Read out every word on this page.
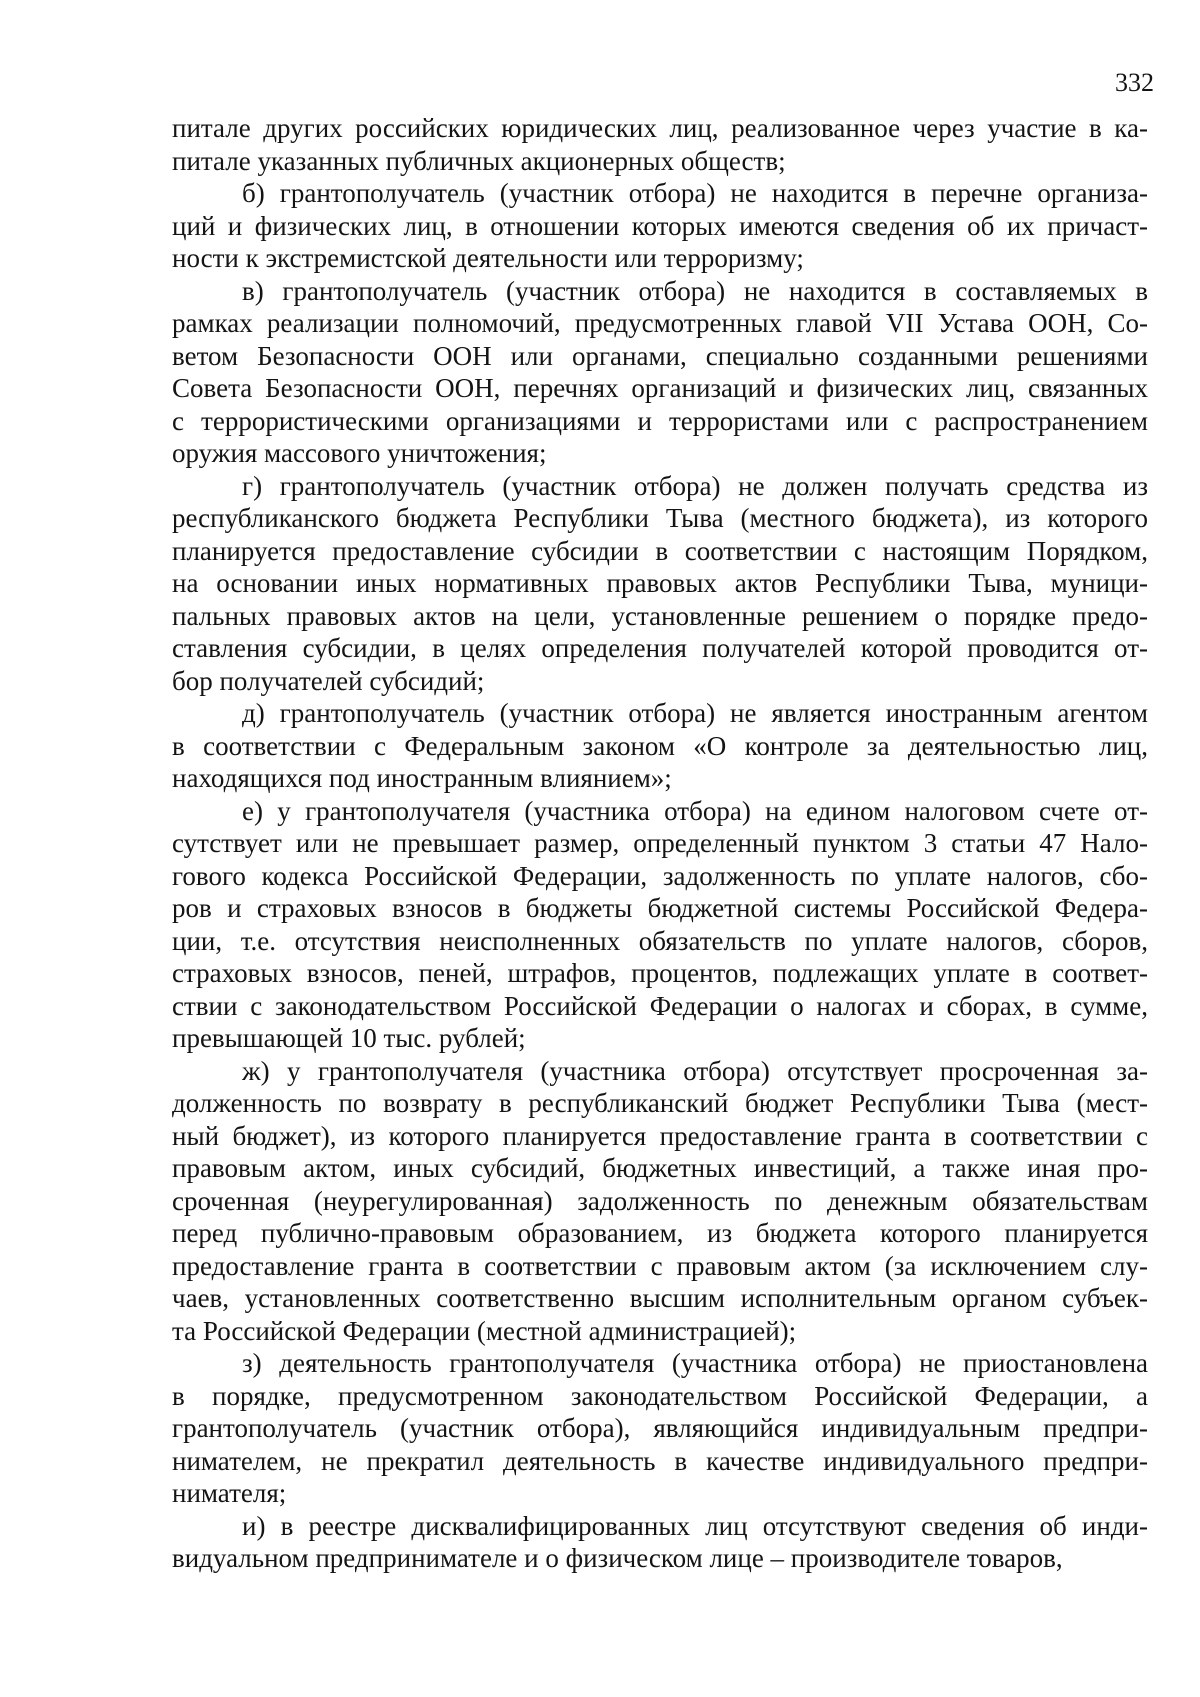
332

питале других российских юридических лиц, реализованное через участие в ка-
питале указанных публичных акционерных обществ;

б) грантополучатель (участник отбора) не находится в перечне организа-
ций и физических лиц, в отношении которых имеются сведения об их причаст-
ности к экстремистской деятельности или терроризму;

в) грантополучатель (участник отбора) не находится в составляемых в
рамках реализации полномочий, предусмотренных главой VII Устава ООН, Со-
ветом Безопасности ООН или органами, специально созданными решениями
Совета Безопасности ООН, перечнях организаций и физических лиц, связанных
с террористическими организациями и террористами или с распространением
оружия массового уничтожения;

г) грантополучатель (участник отбора) не должен получать средства из
республиканского бюджета Республики Тыва (местного бюджета), из которого
планируется предоставление субсидии в соответствии с настоящим Порядком,
на основании иных нормативных правовых актов Республики Тыва, муници-
пальных правовых актов на цели, установленные решением о порядке предо-
ставления субсидии, в целях определения получателей которой проводится от-
бор получателей субсидий;

д) грантополучатель (участник отбора) не является иностранным агентом
в соответствии с Федеральным законом «О контроле за деятельностью лиц,
находящихся под иностранным влиянием»;

е) у грантополучателя (участника отбора) на едином налоговом счете от-
сутствует или не превышает размер, определенный пунктом 3 статьи 47 Нало-
гового кодекса Российской Федерации, задолженность по уплате налогов, сбо-
ров и страховых взносов в бюджеты бюджетной системы Российской Федера-
ции, т.е. отсутствия неисполненных обязательств по уплате налогов, сборов,
страховых взносов, пеней, штрафов, процентов, подлежащих уплате в соответ-
ствии с законодательством Российской Федерации о налогах и сборах, в сумме,
превышающей 10 тыс. рублей;

ж) у грантополучателя (участника отбора) отсутствует просроченная за-
долженность по возврату в республиканский бюджет Республики Тыва (мест-
ный бюджет), из которого планируется предоставление гранта в соответствии с
правовым актом, иных субсидий, бюджетных инвестиций, а также иная про-
сроченная (неурегулированная) задолженность по денежным обязательствам
перед публично-правовым образованием, из бюджета которого планируется
предоставление гранта в соответствии с правовым актом (за исключением слу-
чаев, установленных соответственно высшим исполнительным органом субъек-
та Российской Федерации (местной администрацией);

з) деятельность грантополучателя (участника отбора) не приостановлена
в порядке, предусмотренном законодательством Российской Федерации, а
грантополучатель (участник отбора), являющийся индивидуальным предпри-
нимателем, не прекратил деятельность в качестве индивидуального предпри-
нимателя;

и) в реестре дисквалифицированных лиц отсутствуют сведения об инди-
видуальном предпринимателе и о физическом лице – производителе товаров,
